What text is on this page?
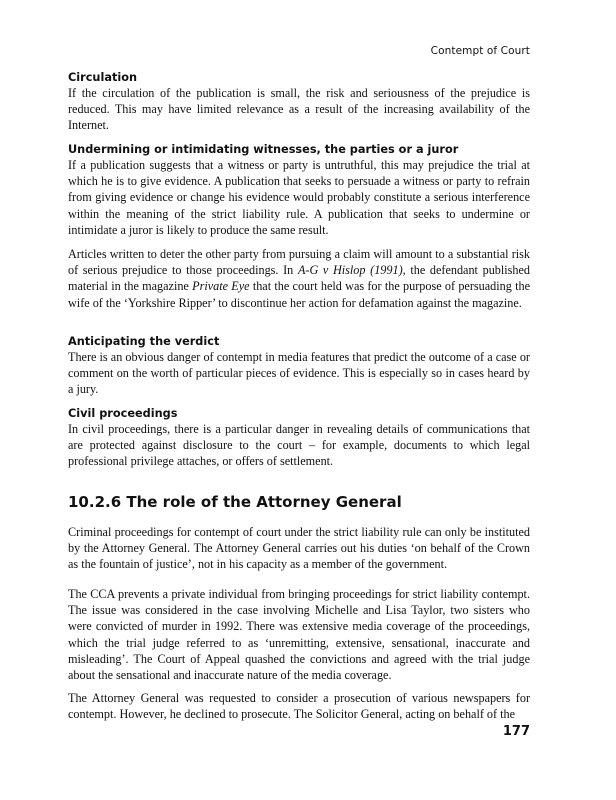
Contempt of Court
Circulation

If the circulation of the publication is small, the risk and seriousness of the prejudice is reduced. This may have limited relevance as a result of the increasing availability of the Internet.

Undermining or intimidating witnesses, the parties or a juror

If a publication suggests that a witness or party is untruthful, this may prejudice the trial at which he is to give evidence. A publication that seeks to persuade a witness or party to refrain from giving evidence or change his evidence would probably constitute a serious interference within the meaning of the strict liability rule. A publication that seeks to undermine or intimidate a juror is likely to produce the same result.

Articles written to deter the other party from pursuing a claim will amount to a substantial risk of serious prejudice to those proceedings. In A-G v Hislop (1991), the defendant published material in the magazine Private Eye that the court held was for the purpose of persuading the wife of the ‘Yorkshire Ripper’ to discontinue her action for defamation against the magazine.

Anticipating the verdict

There is an obvious danger of contempt in media features that predict the outcome of a case or comment on the worth of particular pieces of evidence. This is especially so in cases heard by a jury.

Civil proceedings

In civil proceedings, there is a particular danger in revealing details of communications that are protected against disclosure to the court – for example, documents to which legal professional privilege attaches, or offers of settlement.

10.2.6 The role of the Attorney General

Criminal proceedings for contempt of court under the strict liability rule can only be instituted by the Attorney General. The Attorney General carries out his duties ‘on behalf of the Crown as the fountain of justice’, not in his capacity as a member of the government.

The CCA prevents a private individual from bringing proceedings for strict liability contempt. The issue was considered in the case involving Michelle and Lisa Taylor, two sisters who were convicted of murder in 1992. There was extensive media coverage of the proceedings, which the trial judge referred to as ‘unremitting, extensive, sensational, inaccurate and misleading’. The Court of Appeal quashed the convictions and agreed with the trial judge about the sensational and inaccurate nature of the media coverage.

The Attorney General was requested to consider a prosecution of various newspapers for contempt. However, he declined to prosecute. The Solicitor General, acting on behalf of the

177
